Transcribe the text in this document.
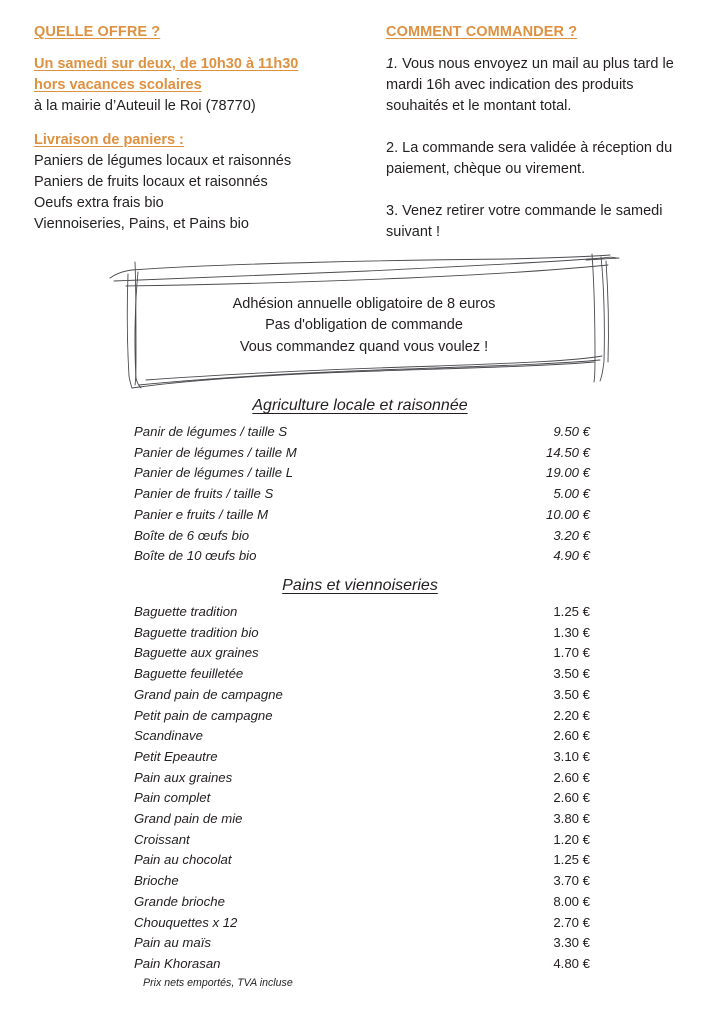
QUELLE OFFRE ?

Un samedi sur deux, de 10h30 à 11h30

hors vacances scolaires

à la mairie d’Auteuil le Roi (78770)

Livraison de paniers :

Paniers de légumes locaux et raisonnés

Paniers de fruits locaux et raisonnés

Oeufs extra frais bio

Viennoiseries, Pains, et Pains bio

COMMENT COMMANDER ?

1. Vous nous envoyez un mail au plus tard le mardi 16h avec indication des produits souhaités et le montant total.

2. La commande sera validée à réception du paiement, chèque ou virement.

3. Venez retirer votre commande le samedi suivant !

Adhésion annuelle obligatoire de 8 euros
Pas d'obligation de commande
Vous commandez quand vous voulez !

Agriculture locale et raisonnée

Panir de légumes / taille S	9.50 €
Panier de légumes / taille M	14.50 €
Panier de légumes / taille L	19.00 €
Panier de fruits / taille S	5.00 €
Panier e fruits / taille M	10.00 €
Boîte de 6 œufs bio	3.20 €
Boîte de 10 œufs bio	4.90 €

Pains et viennoiseries

Baguette tradition	1.25 €
Baguette tradition bio	1.30 €
Baguette aux graines	1.70 €
Baguette feuilletée	3.50 €
Grand pain de campagne	3.50 €
Petit pain de campagne	2.20 €
Scandinave	2.60 €
Petit Epeautre	3.10 €
Pain aux graines	2.60 €
Pain complet	2.60 €
Grand pain de mie	3.80 €
Croissant	1.20 €
Pain au chocolat	1.25 €
Brioche	3.70 €
Grande brioche	8.00 €
Chouquettes x 12	2.70 €
Pain au maïs	3.30 €
Pain Khorasan	4.80 €
Prix nets emportés, TVA incluse
